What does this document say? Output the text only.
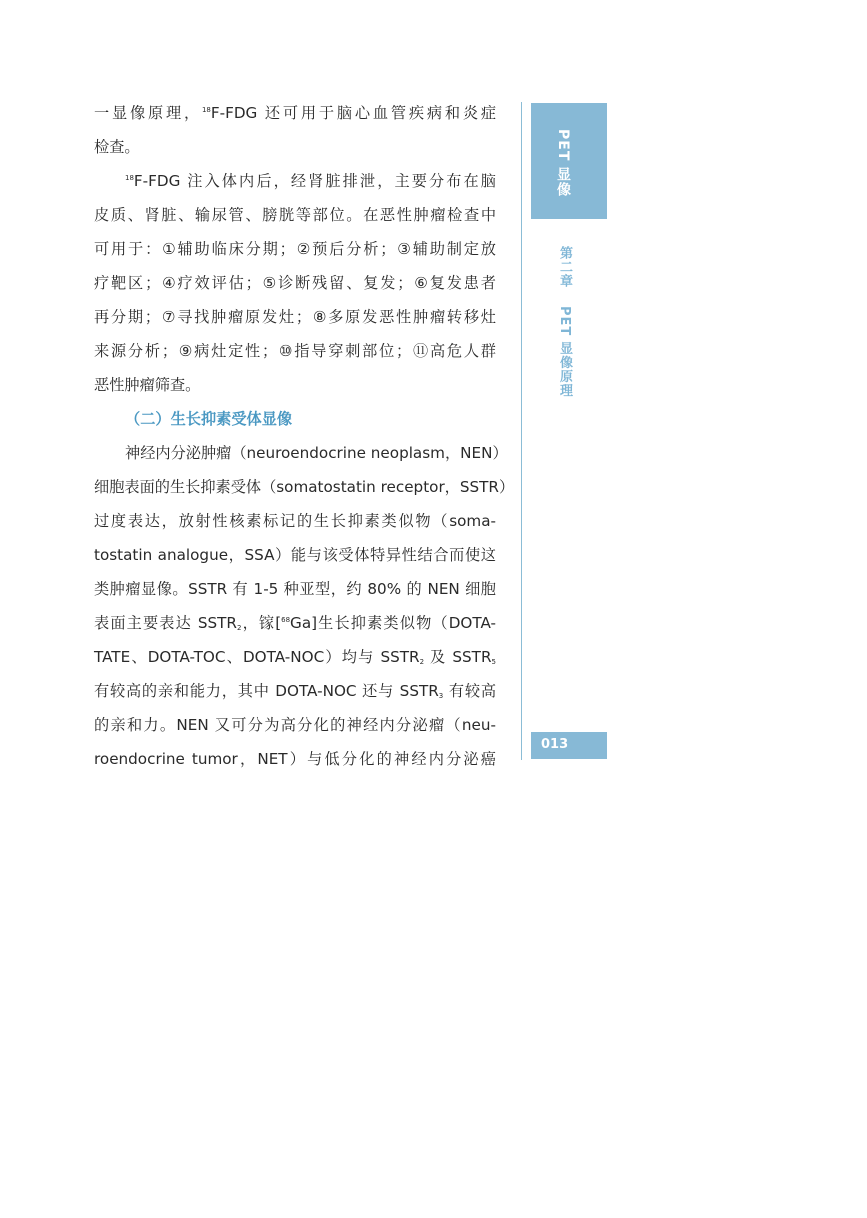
一显像原理，$^{18}$F-FDG 还可用于脑心血管疾病和炎症
检查。
$^{18}$F-FDG 注入体内后，经肾脏排泄，主要分布在脑
皮质、肾脏、输尿管、膀胱等部位。在恶性肿瘤检查中
可用于：①辅助临床分期；②预后分析；③辅助制定放
疗靶区；④疗效评估；⑤诊断残留、复发；⑥复发患者
再分期；⑦寻找肿瘤原发灶；⑧多原发恶性肿瘤转移灶
来源分析；⑨病灶定性；⑩指导穿刺部位；⑪高危人群
恶性肿瘤筛查。
（二）生长抑素受体显像
神经内分泌肿瘤（neuroendocrine neoplasm，NEN）
细胞表面的生长抑素受体（somatostatin receptor，SSTR）
过度表达，放射性核素标记的生长抑素类似物（soma-
tostatin analogue，SSA）能与该受体特异性结合而使这
类肿瘤显像。SSTR 有 1-5 种亚型，约 80% 的 NEN 细胞
表面主要表达 $SSTR_2$，镓[$^{68}$Ga]生长抑素类似物（DOTA-
TATE、DOTA-TOC、DOTA-NOC）均与 $SSTR_2$ 及 $SSTR_5$
有较高的亲和能力，其中 DOTA-NOC 还与 $SSTR_3$ 有较高
的亲和力。NEN 又可分为高分化的神经内分泌瘤（neu-
roendocrine tumor，NET）与低分化的神经内分泌癌
PET 显像
第二章PET 显像原理
013
